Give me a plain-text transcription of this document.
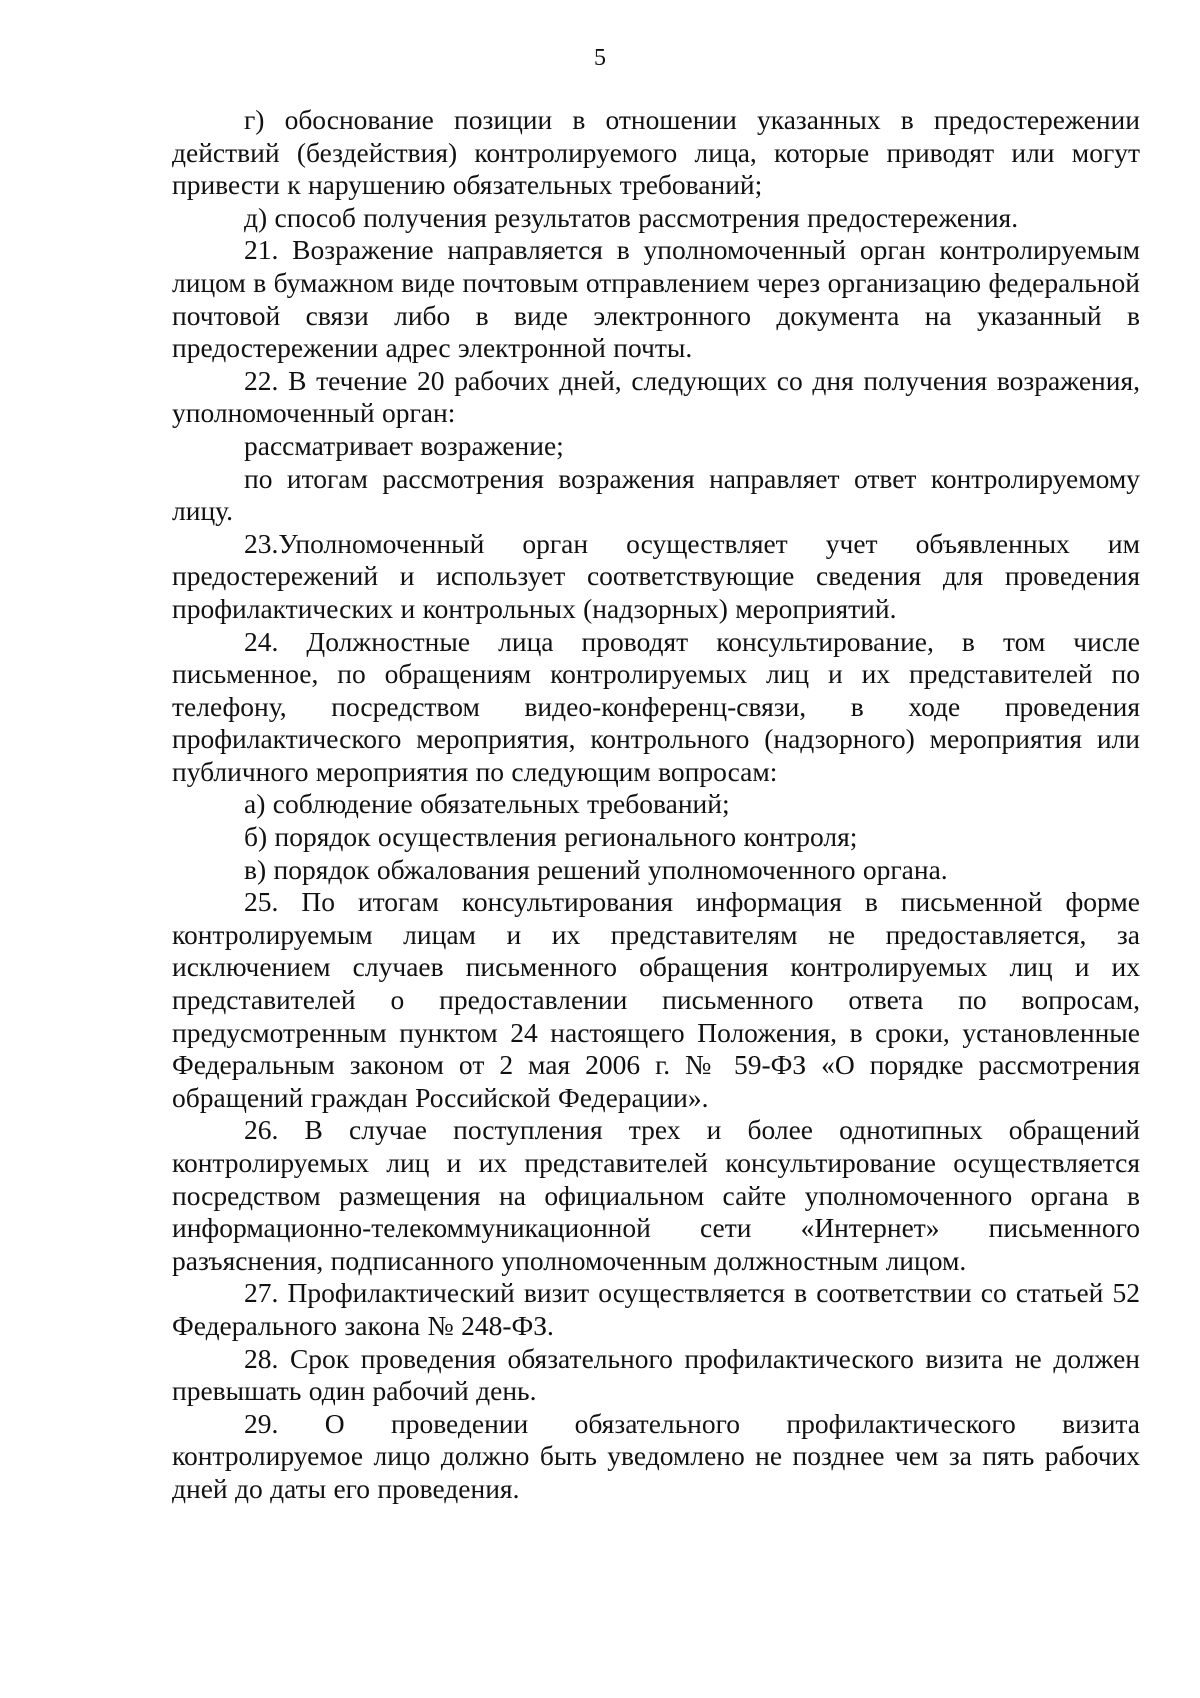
5

г) обоснование позиции в отношении указанных в предостережении действий (бездействия) контролируемого лица, которые приводят или могут привести к нарушению обязательных требований;

д) способ получения результатов рассмотрения предостережения.

21. Возражение направляется в уполномоченный орган контролируемым лицом в бумажном виде почтовым отправлением через организацию федеральной почтовой связи либо в виде электронного документа на указанный в предостережении адрес электронной почты.

22. В течение 20 рабочих дней, следующих со дня получения возражения, уполномоченный орган:

рассматривает возражение;

по итогам рассмотрения возражения направляет ответ контролируемому лицу.

23.Уполномоченный орган осуществляет учет объявленных им предостережений и использует соответствующие сведения для проведения профилактических и контрольных (надзорных) мероприятий.

24. Должностные лица проводят консультирование, в том числе письменное, по обращениям контролируемых лиц и их представителей по телефону, посредством видео-конференц-связи, в ходе проведения профилактического мероприятия, контрольного (надзорного) мероприятия или публичного мероприятия по следующим вопросам:

а) соблюдение обязательных требований;

б) порядок осуществления регионального контроля;

в) порядок обжалования решений уполномоченного органа.

25. По итогам консультирования информация в письменной форме контролируемым лицам и их представителям не предоставляется, за исключением случаев письменного обращения контролируемых лиц и их представителей о предоставлении письменного ответа по вопросам, предусмотренным пунктом 24 настоящего Положения, в сроки, установленные Федеральным законом от 2 мая 2006 г. № 59-ФЗ «О порядке рассмотрения обращений граждан Российской Федерации».

26. В случае поступления трех и более однотипных обращений контролируемых лиц и их представителей консультирование осуществляется посредством размещения на официальном сайте уполномоченного органа в информационно-телекоммуникационной сети «Интернет» письменного разъяснения, подписанного уполномоченным должностным лицом.

27. Профилактический визит осуществляется в соответствии со статьей 52 Федерального закона № 248-ФЗ.

28. Срок проведения обязательного профилактического визита не должен превышать один рабочий день.

29. О проведении обязательного профилактического визита контролируемое лицо должно быть уведомлено не позднее чем за пять рабочих дней до даты его проведения.
